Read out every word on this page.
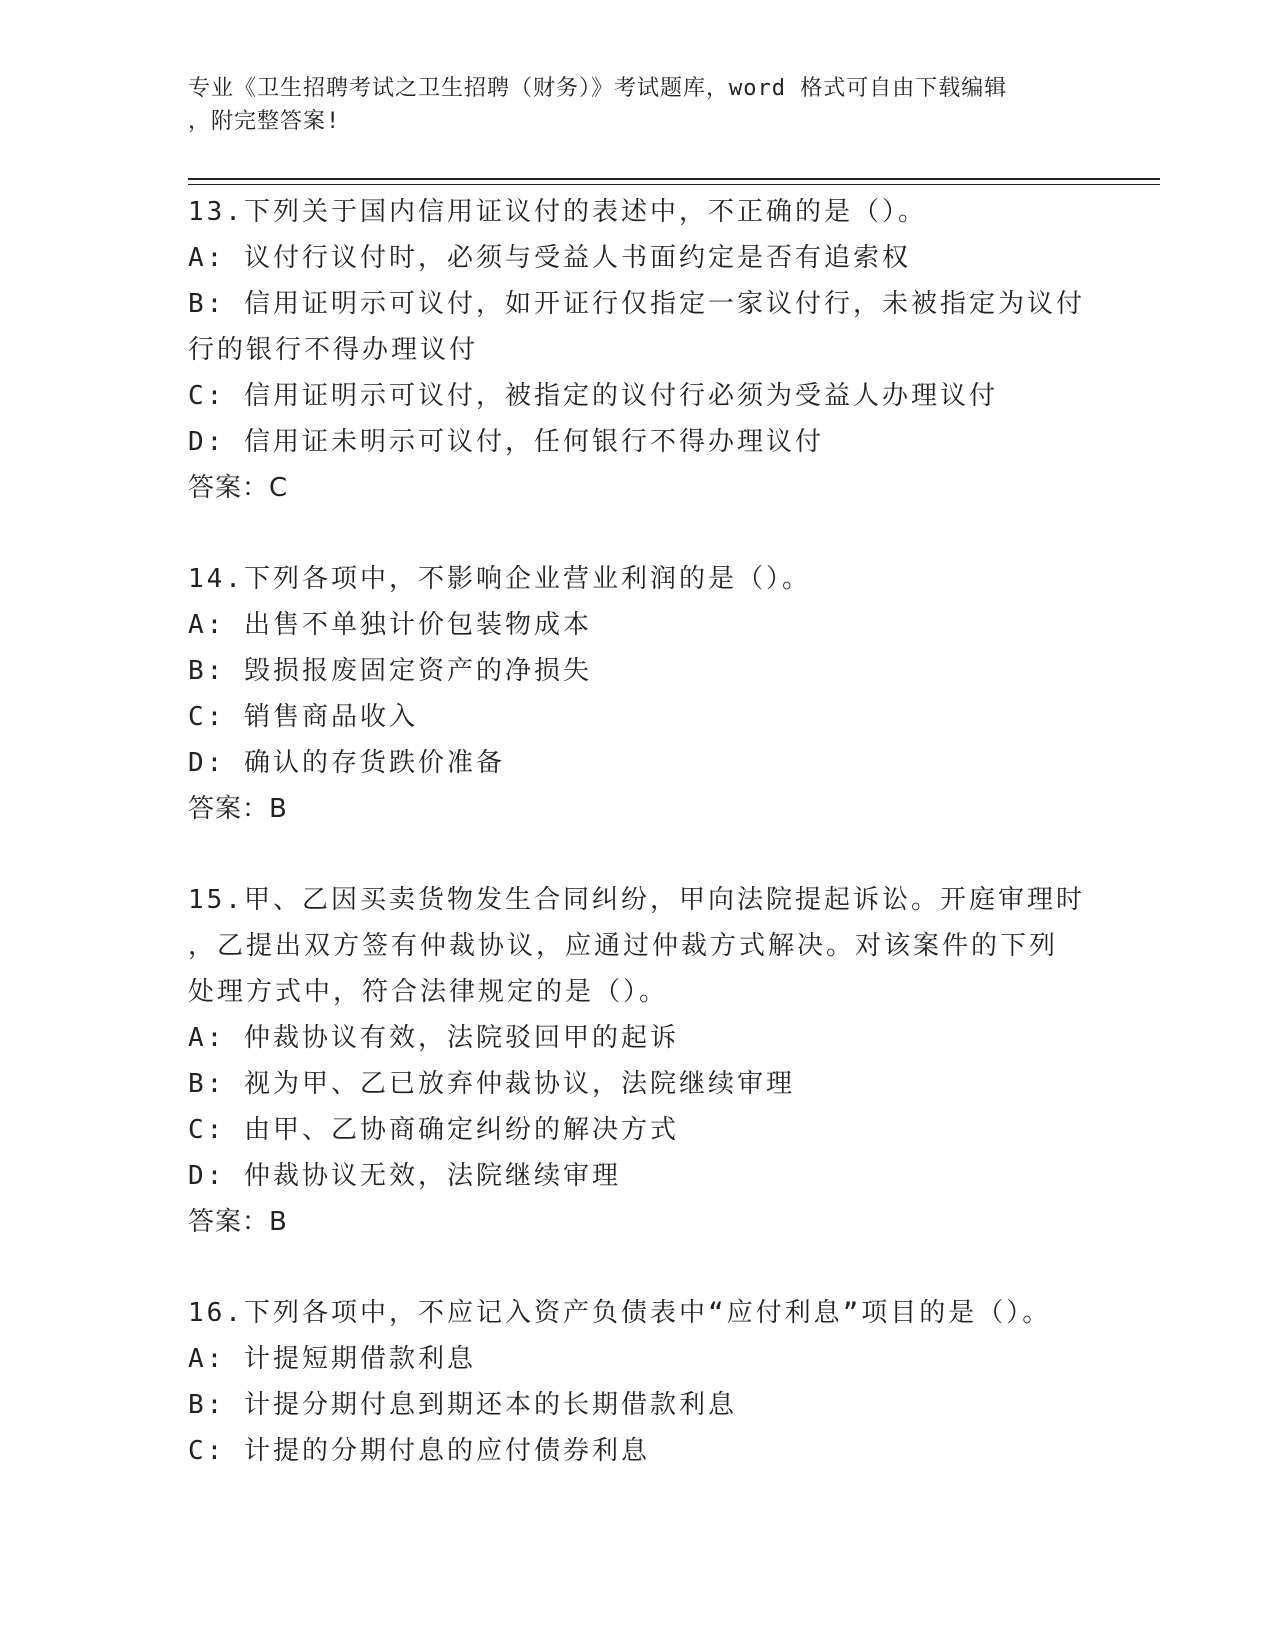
专业《卫生招聘考试之卫生招聘（财务）》考试题库，word 格式可自由下载编辑
，附完整答案!
13.下列关于国内信用证议付的表述中，不正确的是（）。
A: 议付行议付时，必须与受益人书面约定是否有追索权
B: 信用证明示可议付，如开证行仅指定一家议付行，未被指定为议付
行的银行不得办理议付
C: 信用证明示可议付，被指定的议付行必须为受益人办理议付
D: 信用证未明示可议付，任何银行不得办理议付
答案：C
14.下列各项中，不影响企业营业利润的是（）。
A: 出售不单独计价包装物成本
B: 毁损报废固定资产的净损失
C: 销售商品收入
D: 确认的存货跌价准备
答案：B
15.甲、乙因买卖货物发生合同纠纷，甲向法院提起诉讼。开庭审理时
，乙提出双方签有仲裁协议，应通过仲裁方式解决。对该案件的下列
处理方式中，符合法律规定的是（）。
A: 仲裁协议有效，法院驳回甲的起诉
B: 视为甲、乙已放弃仲裁协议，法院继续审理
C: 由甲、乙协商确定纠纷的解决方式
D: 仲裁协议无效，法院继续审理
答案：B
16.下列各项中，不应记入资产负债表中“应付利息”项目的是（）。
A: 计提短期借款利息
B: 计提分期付息到期还本的长期借款利息
C: 计提的分期付息的应付债券利息
